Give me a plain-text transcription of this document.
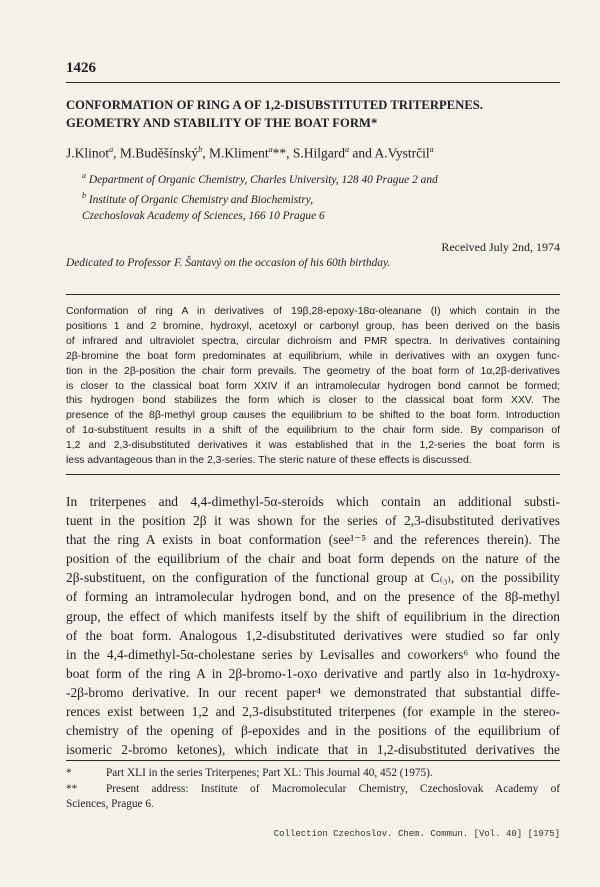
1426
CONFORMATION OF RING A OF 1,2-DISUBSTITUTED TRITERPENES.
GEOMETRY AND STABILITY OF THE BOAT FORM*
J.Klinot$^a$, M.Buděšínský$^b$, M.Kliment$^a$**, S.Hilgard$^a$ and A.Vystrčil$^a$
$^a$ Department of Organic Chemistry, Charles University, 128 40 Prague 2 and
$^b$ Institute of Organic Chemistry and Biochemistry,
Czechoslovak Academy of Sciences, 166 10 Prague 6
Received July 2nd, 1974
Dedicated to Professor F. Šantavý on the occasion of his 60th birthday.
Conformation of ring A in derivatives of 19β,28-epoxy-18α-oleanane (I) which contain in the
positions 1 and 2 bromine, hydroxyl, acetoxyl or carbonyl group, has been derived on the basis
of infrared and ultraviolet spectra, circular dichroism and PMR spectra. In derivatives containing
2β-bromine the boat form predominates at equilibrium, while in derivatives with an oxygen func-
tion in the 2β-position the chair form prevails. The geometry of the boat form of 1α,2β-derivatives
is closer to the classical boat form XXIV if an intramolecular hydrogen bond cannot be formed;
this hydrogen bond stabilizes the form which is closer to the classical boat form XXV. The
presence of the 8β-methyl group causes the equilibrium to be shifted to the boat form. Introduction
of 1α-substituent results in a shift of the equilibrium to the chair form side. By comparison of
1,2 and 2,3-disubstituted derivatives it was established that in the 1,2-series the boat form is
less advantageous than in the 2,3-series. The steric nature of these effects is discussed.
In triterpenes and 4,4-dimethyl-5α-steroids which contain an additional substi-
tuent in the position 2β it was shown for the series of 2,3-disubstituted derivatives
that the ring A exists in boat conformation (see¹⁻⁵ and the references therein). The
position of the equilibrium of the chair and boat form depends on the nature of the
2β-substituent, on the configuration of the functional group at C₍₃₎, on the possibility
of forming an intramolecular hydrogen bond, and on the presence of the 8β-methyl
group, the effect of which manifests itself by the shift of equilibrium in the direction
of the boat form. Analogous 1,2-disubstituted derivatives were studied so far only
in the 4,4-dimethyl-5α-cholestane series by Levisalles and coworkers⁶ who found the
boat form of the ring A in 2β-bromo-1-oxo derivative and partly also in 1α-hydroxy-
-2β-bromo derivative. In our recent paper⁴ we demonstrated that substantial diffe-
rences exist between 1,2 and 2,3-disubstituted triterpenes (for example in the stereo-
chemistry of the opening of β-epoxides and in the positions of the equilibrium of
isomeric 2-bromo ketones), which indicate that in 1,2-disubstituted derivatives the
*	Part XLI in the series Triterpenes; Part XL: This Journal 40, 452 (1975).
**	Present address: Institute of Macromolecular Chemistry, Czechoslovak Academy of
Sciences, Prague 6.
Collection Czechoslov. Chem. Commun. [Vol. 40] [1975]
